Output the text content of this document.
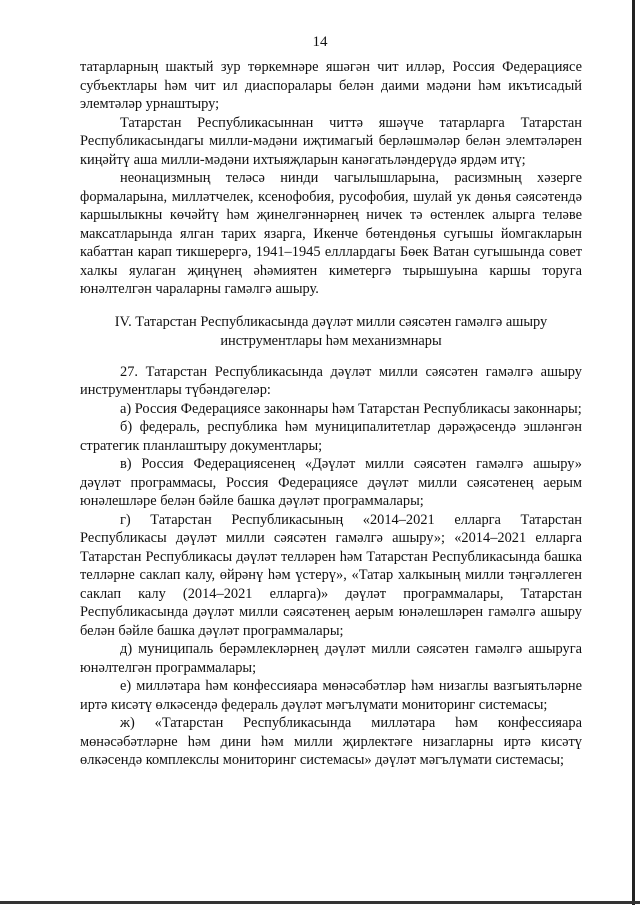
14

татарларның шактый зур төркемнәре яшәгән чит илләр, Россия Федерациясе субъектлары һәм чит ил диаспоралары белән даими мәдәни һәм икътисадый элемтәләр урнаштыру;

Татарстан Республикасыннан читтә яшәүче татарларга Татарстан Республикасындагы милли-мәдәни иҗтимагый берләшмәләр белән элемтәләрен киңәйтү аша милли-мәдәни ихтыяҗларын канәгатьләндерүдә ярдәм итү;

неонацизмның теләсә нинди чагылышларына, расизмның хәзерге формаларына, милләтчелек, ксенофобия, русофобия, шулай ук дөнья сәясәтендә каршылыкны көчәйтү һәм җинелгәннәрнең ничек тә өстенлек алырга теләве максатларында ялган тарих язарга, Икенче бөтендөнья сугышы йомгакларын кабаттан карап тикшерергә, 1941–1945 елллардагы Бөек Ватан сугышында совет халкы яулаган җиңүнең әһәмиятен киметергә тырышуына каршы торуга юнәлтелгән чараларны гамәлгә ашыру.

IV. Татарстан Республикасында дәүләт милли сәясәтен гамәлгә ашыру
инструментлары һәм механизмнары

27. Татарстан Республикасында дәүләт милли сәясәтен гамәлгә ашыру инструментлары түбәндәгеләр:

а) Россия Федерациясе законнары һәм Татарстан Республикасы законнары;

б) федераль, республика һәм муниципалитетлар дәрәҗәсендә эшләнгән стратегик планлаштыру документлары;

в) Россия Федерациясенең «Дәүләт милли сәясәтен гамәлгә ашыру» дәүләт программасы, Россия Федерациясе дәүләт милли сәясәтенең аерым юнәлешләре белән бәйле башка дәүләт программалары;

г) Татарстан Республикасының «2014–2021 елларга Татарстан Республикасы дәүләт милли сәясәтен гамәлгә ашыру»; «2014–2021 елларга Татарстан Республикасы дәүләт телләрен һәм Татарстан Республикасында башка телләрне саклап калу, өйрәнү һәм үстерү», «Татар халкының милли тәңгәллеген саклап калу (2014–2021 елларга)» дәүләт программалары, Татарстан Республикасында дәүләт милли сәясәтенең аерым юнәлешләрен гамәлгә ашыру белән бәйле башка дәүләт программалары;

д) муниципаль берәмлекләрнең дәүләт милли сәясәтен гамәлгә ашыруга юнәлтелгән программалары;

е) милләтара һәм конфессияара мөнәсәбәтләр һәм низаглы вазгыятьләрне иртә кисәтү өлкәсендә федераль дәүләт мәгълүмати мониторинг системасы;

ж) «Татарстан Республикасында милләтара һәм конфессияара мөнәсәбәтләрне һәм дини һәм милли җирлектәге низагларны иртә кисәтү өлкәсендә комплекслы мониторинг системасы» дәүләт мәгълүмати системасы;
